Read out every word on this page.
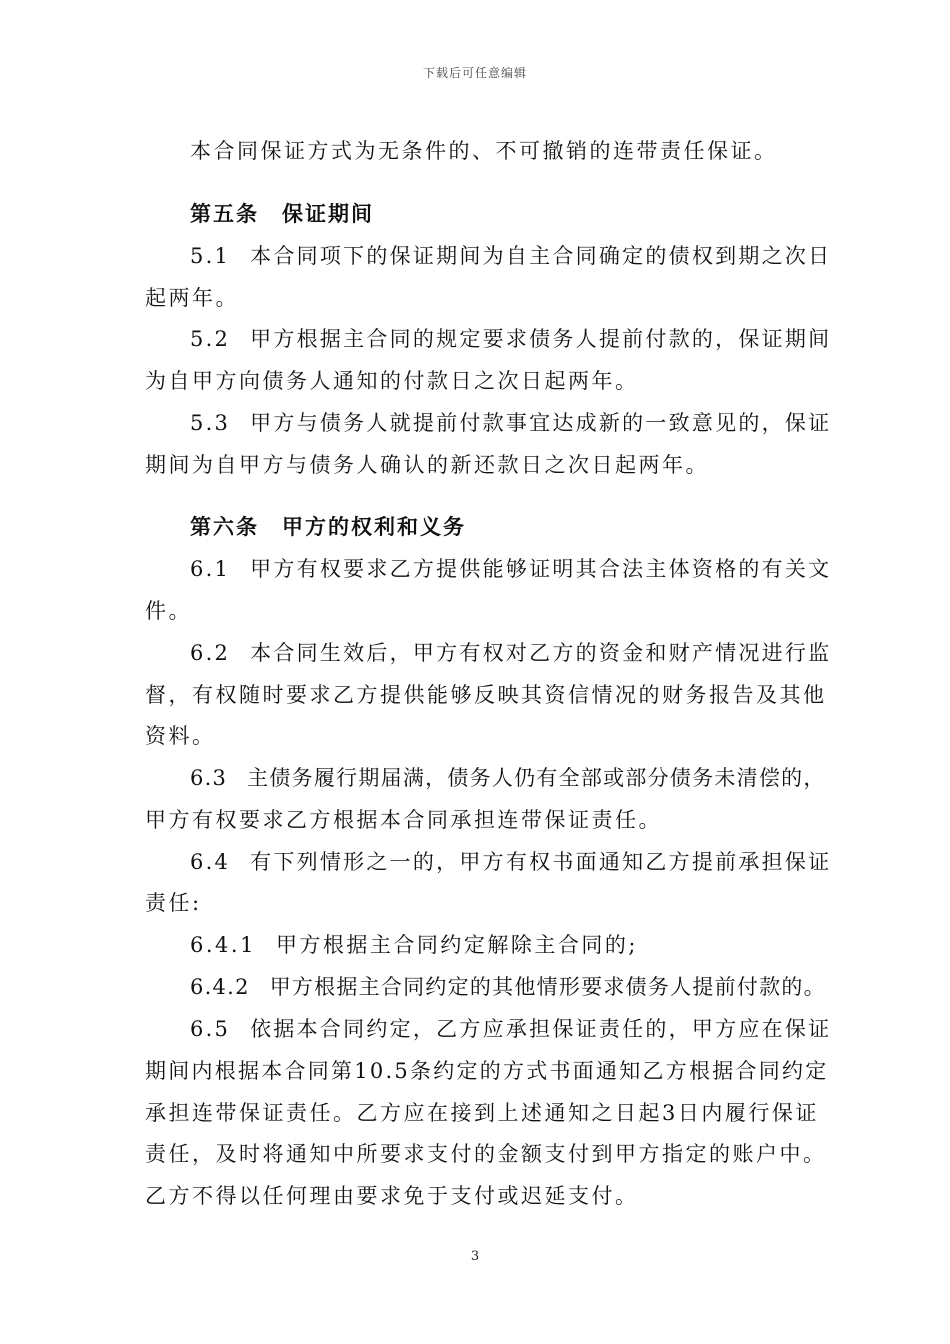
下载后可任意编辑
本合同保证方式为无条件的、不可撤销的连带责任保证。
第五条　保证期间
5.1 本合同项下的保证期间为自主合同确定的债权到期之次日
起两年。
5.2 甲方根据主合同的规定要求债务人提前付款的，保证期间
为自甲方向债务人通知的付款日之次日起两年。
5.3 甲方与债务人就提前付款事宜达成新的一致意见的，保证
期间为自甲方与债务人确认的新还款日之次日起两年。
第六条　甲方的权利和义务
6.1 甲方有权要求乙方提供能够证明其合法主体资格的有关文
件。
6.2 本合同生效后，甲方有权对乙方的资金和财产情况进行监
督，有权随时要求乙方提供能够反映其资信情况的财务报告及其他
资料。
6.3 主债务履行期届满，债务人仍有全部或部分债务未清偿的，
甲方有权要求乙方根据本合同承担连带保证责任。
6.4 有下列情形之一的，甲方有权书面通知乙方提前承担保证
责任:
6.4.1 甲方根据主合同约定解除主合同的;
6.4.2 甲方根据主合同约定的其他情形要求债务人提前付款的。
6.5 依据本合同约定，乙方应承担保证责任的，甲方应在保证
期间内根据本合同第10.5条约定的方式书面通知乙方根据合同约定
承担连带保证责任。乙方应在接到上述通知之日起3日内履行保证
责任，及时将通知中所要求支付的金额支付到甲方指定的账户中。
乙方不得以任何理由要求免于支付或迟延支付。
3
